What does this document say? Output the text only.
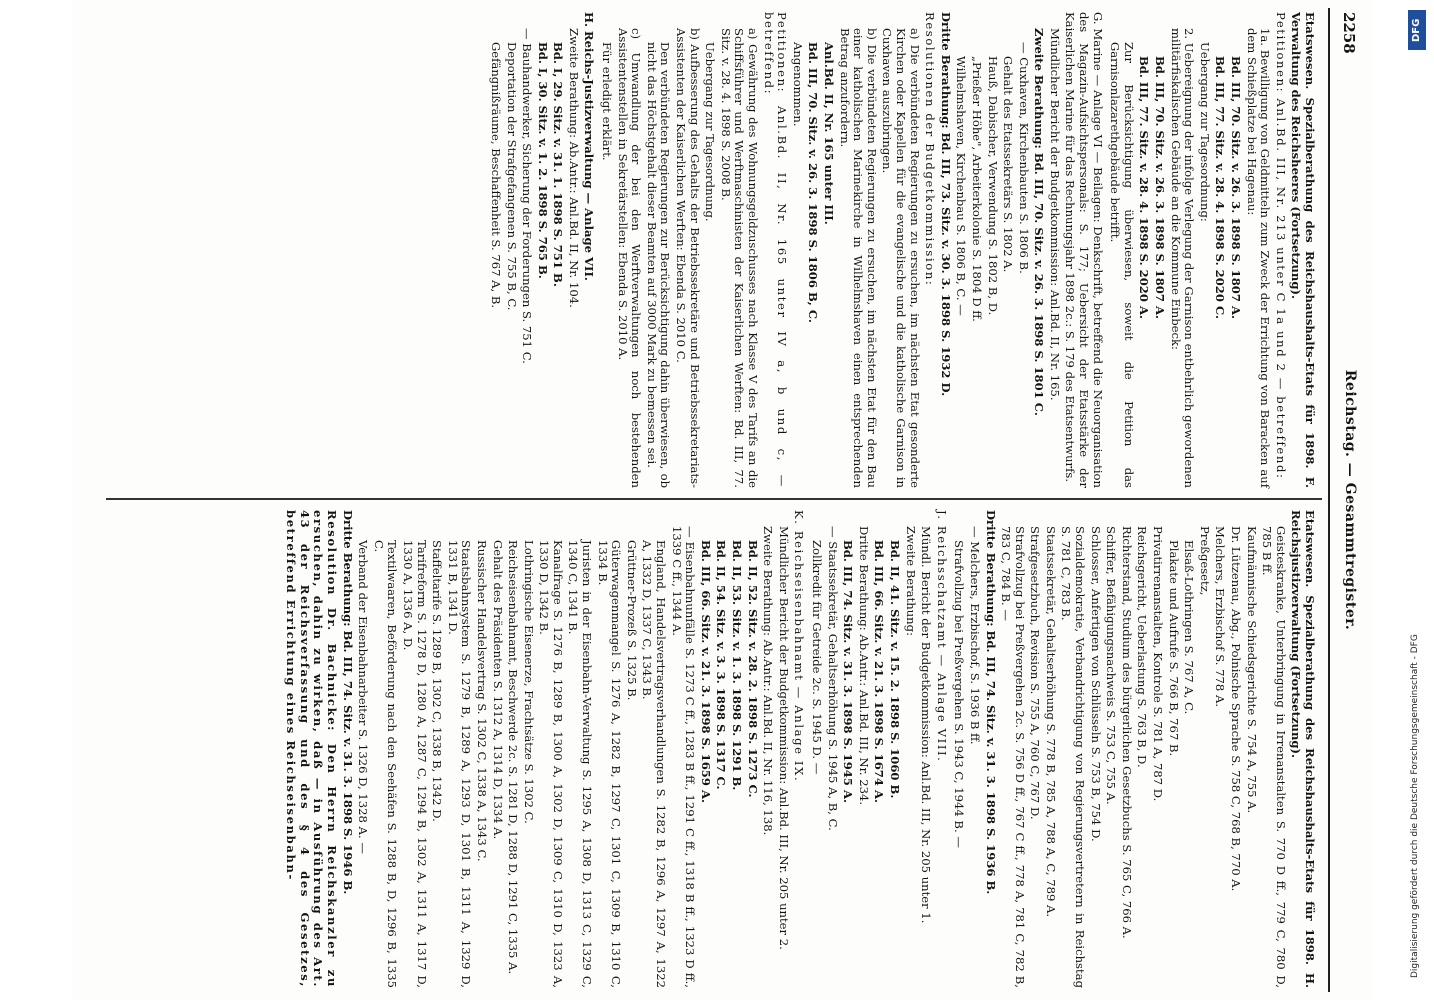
2258
Reichstag. — Gesammtregister.

Etatswesen. Spezialberathung des Reichshaushalts-Etats für 1898. F. Verwaltung des Reichsheeres (Fortsetzung).

Petitionen: Anl.Bd. III, Nr. 213 unter C 1a und 2 — betreffend:

1a. Bewilligung von Geldmitteln zum Zweck der Errichtung von Baracken auf dem Schießplatze bei Hagenau:

Bd. III, 70. Sitz. v. 26. 3. 1898 S. 1807 A.

Bd. III, 77. Sitz. v. 28. 4. 1898 S. 2020 C.

Uebergang zur Tagesordnung:

2. Uebereignung der infolge Verlegung der Garnison entbehrlich gewordenen militärfiskalischen Gebäude an die Kommune Einbeck:

Bd. III, 70. Sitz. v. 26. 3. 1898 S. 1807 A.

Bd. III, 77. Sitz. v. 28. 4. 1898 S. 2020 A.

Zur Berücksichtigung überwiesen, soweit die Petition das Garnisonlazarethgebäude betrifft.

G. Marine — Anlage VI — Beilagen: Denkschrift, betreffend die Neuorganisation des Magazin-Aufsichtspersonals: S. 177; Uebersicht der Etatsstärke der Kaiserlichen Marine für das Rechnungsjahr 1898 2c.: S. 179 des Etatsentwurfs.

Mündlicher Bericht der Budgetkommission: Anl.Bd. II, Nr. 165.

Zweite Berathung: Bd. III, 70. Sitz. v. 26. 3. 1898 S. 1801 C.

— Cuxhaven, Kirchenbauten S. 1806 B.

Gehalt des Etatssekretärs S. 1802 A.

Hauß, Dabischer, Verwendung S. 1802 B, D.

„Prießer Höhe", Arbeiterkolonie S. 1804 D ff.

Wilhelmshaven, Kirchenbau S. 1806 B, C. —

Dritte Berathung: Bd. III, 73. Sitz. v. 30. 3. 1898 S. 1932 D.

Resolutionen der Budgetkommission:

a) Die verbündeten Regierungen zu ersuchen, im nächsten Etat gesonderte Kirchen oder Kapellen für die evangelische und die katholische Garnison in Cuxhaven auszubringen.

b) Die verbündeten Regierungen zu ersuchen, im nächsten Etat für den Bau einer katholischen Marinekirche in Wilhelmshaven einen entsprechenden Betrag anzufordern.

Anl.Bd. II, Nr. 165 unter III.

Bd. III, 70. Sitz. v. 26. 3. 1898 S. 1806 B, C.

Angenommen.

Petitionen: Anl.Bd. II, Nr. 165 unter IV a, b und c, — betreffend:

a) Gewährung des Wohnungsgeldzuschusses nach Klasse V des Tarifs an die Schiffsführer und Werftmaschinisten der Kaiserlichen Werften: Bd. III, 77. Sitz. v. 28. 4. 1898 S. 2008 B.

Uebergang zur Tagesordnung.

b) Aufbesserung des Gehalts der Betriebssekretäre und Betriebssekretariats-Assistenten der Kaiserlichen Werften: Ebenda S. 2010 C.

Den verbündeten Regierungen zur Berücksichtigung dahin überwiesen, ob nicht das Höchstgehalt dieser Beamten auf 3000 Mark zu bemessen sei.

c) Umwandlung der bei den Werftverwaltungen noch bestehenden Assistentenstellen in Sekretärstellen: Ebenda S. 2010 A.

Für erledigt erklärt.

H. Reichs-Justizverwaltung — Anlage VII.

Zweite Berathung: Ab.Antr.: Anl.Bd. II, Nr. 104.

Bd. I, 29. Sitz. v. 31. 1. 1898 S. 751 B.

Bd. I, 30. Sitz. v. 1. 2. 1898 S. 765 B.

— Bauhandwerker, Sicherung der Forderungen S. 751 C.

Deportation der Strafgefangenen S. 755 B, C.

Gefängnißräume, Beschaffenheit S. 767 A, B.

Etatswesen. Spezialberathung des Reichshaushalts-Etats für 1898. H. Reichsjustizverwaltung (Fortsetzung).

Geisteskranke, Unterbringung in Irrenanstalten S. 770 D ff., 779 C, 780 D, 785 B ff.

Kaufmännische Schiedsgerichte S. 754 A, 755 A.

Dr. Lützenau, Abg., Polnische Sprache S. 758 C, 768 B, 770 A.

Melchers, Erzbischof S. 778 A.

Preßgesetz,

Elsaß-Lothringen S. 767 A, C.

Plakate und Aufrufe S. 766 B, 767 B.

Privatirrenanstalten, Kontrole S. 781 A, 787 D.

Reichsgericht, Ueberlastung S. 763 B, D.

Richterstand, Studium des bürgerlichen Gesetzbuchs S. 765 C, 766 A.

Schiffer, Befähigungsnachweis S. 753 C, 755 A.

Schlosser, Anfertigen von Schlüsseln S. 753 B, 754 D.

Sozialdemokratie, Verbandrichtigung von Regierungsvertretern in Reichstag S. 781 C, 783 B.

Staatssekretär, Gehaltserhöhung S. 778 B, 785 A, 788 A, C, 789 A.

Strafgesetzbuch, Revision S. 755 A, 760 C, 767 D.

Strafvollzug bei Preßvergehen 2c. S. 756 D ff., 767 C ff., 778 A, 781 C, 782 B, 783 C, 784 B. —

Dritte Berathung: Bd. III, 74. Sitz. v. 31. 3. 1898 S. 1936 B.

— Melchers, Erzbischof, S. 1936 B ff.

Strafvollzug bei Preßvergehen S. 1943 C, 1944 B. —

J. Reichsschatzamt — Anlage VIII.

Mündl. Bericht der Budgetkommission: Anl.Bd. III, Nr. 205 unter 1.

Zweite Berathung:

Bd. II, 41. Sitz. v. 15. 2. 1898 S. 1060 B.

Bd. III, 66. Sitz. v. 21. 3. 1898 S. 1674 A.

Dritte Berathung: Ab.Antr.: Anl.Bd. III, Nr. 234.

Bd. III, 74. Sitz. v. 31. 3. 1898 S. 1945 A.

— Staatssekretär, Gehaltserhöhung S. 1945 A, B, C.

Zollkredit für Getreide 2c. S. 1945 D. —

K. Reichseisenbahnamt — Anlage IX.

Mündlicher Bericht der Budgetkommission: Anl.Bd. III, Nr. 205 unter 2.

Zweite Berathung: Ab.Antr.: Anl.Bd. II, Nr. 116, 138.

Bd. II, 52. Sitz. v. 28. 2. 1898 S. 1273 C.

Bd. II, 53. Sitz. v. 1. 3. 1898 S. 1291 B.

Bd. II, 54. Sitz. v. 3. 3. 1898 S. 1317 C.

Bd. III, 66. Sitz. v. 21. 3. 1898 S. 1659 A.

— Eisenbahnunfälle S. 1273 C ff., 1283 B ff., 1291 C ff., 1318 B ff., 1323 D ff., 1339 C ff., 1344 A.

England, Handelsvertragsverhandlungen S. 1282 B, 1296 A, 1297 A, 1322 A, 1332 D, 1337 C, 1343 B.

Grüttner-Prozeß S. 1325 B.

Güterwagenmangel S. 1276 A, 1282 B, 1297 C, 1301 C, 1309 B, 1310 C, 1334 B.

Juristen in der Eisenbahn-Verwaltung S. 1295 A, 1308 D, 1313 C, 1329 C, 1340 C, 1341 B.

Kanalfrage S. 1276 B, 1289 B, 1300 A, 1302 D, 1309 C, 1310 D, 1323 A, 1330 D, 1342 B.

Lothringische Eisenerze, Frachtsätze S. 1302 C.

Reichseisenbahnamt, Beschwerde 2c. S. 1281 D, 1288 D, 1291 C, 1335 A.

Gehalt des Präsidenten S. 1312 A, 1314 D, 1334 A.

Russischer Handelsvertrag S. 1302 C, 1338 A, 1343 C.

Staatsbahnsystem S. 1279 B, 1289 A, 1293 D, 1301 B, 1311 A, 1329 D, 1331 B, 1341 D.

Staffeltarife S. 1289 B, 1302 C, 1338 B, 1342 D.

Tarifreform S. 1278 D, 1280 A, 1287 C, 1294 B, 1302 A, 1311 A, 1317 D, 1330 A, 1336 A, D.

Textilwaaren, Beförderung nach den Seehäfen S. 1288 B, D, 1296 B, 1335 C.

Verband der Eisenbahnarbeiter S. 1326 D, 1328 A. —

Dritte Berathung: Bd. III, 74. Sitz. v. 31. 3. 1898 S. 1946 B.

Resolution Dr. Bachnicke: Den Herrn Reichskanzler zu ersuchen, dahin zu wirken, daß — in Ausführung des Art. 43 der Reichsverfassung und des § 4 des Gesetzes, betreffend Errichtung eines Reichseisenbahn-

DFG
Digitalisierung gefördert durch die Deutsche Forschungsgemeinschaft - DFG
